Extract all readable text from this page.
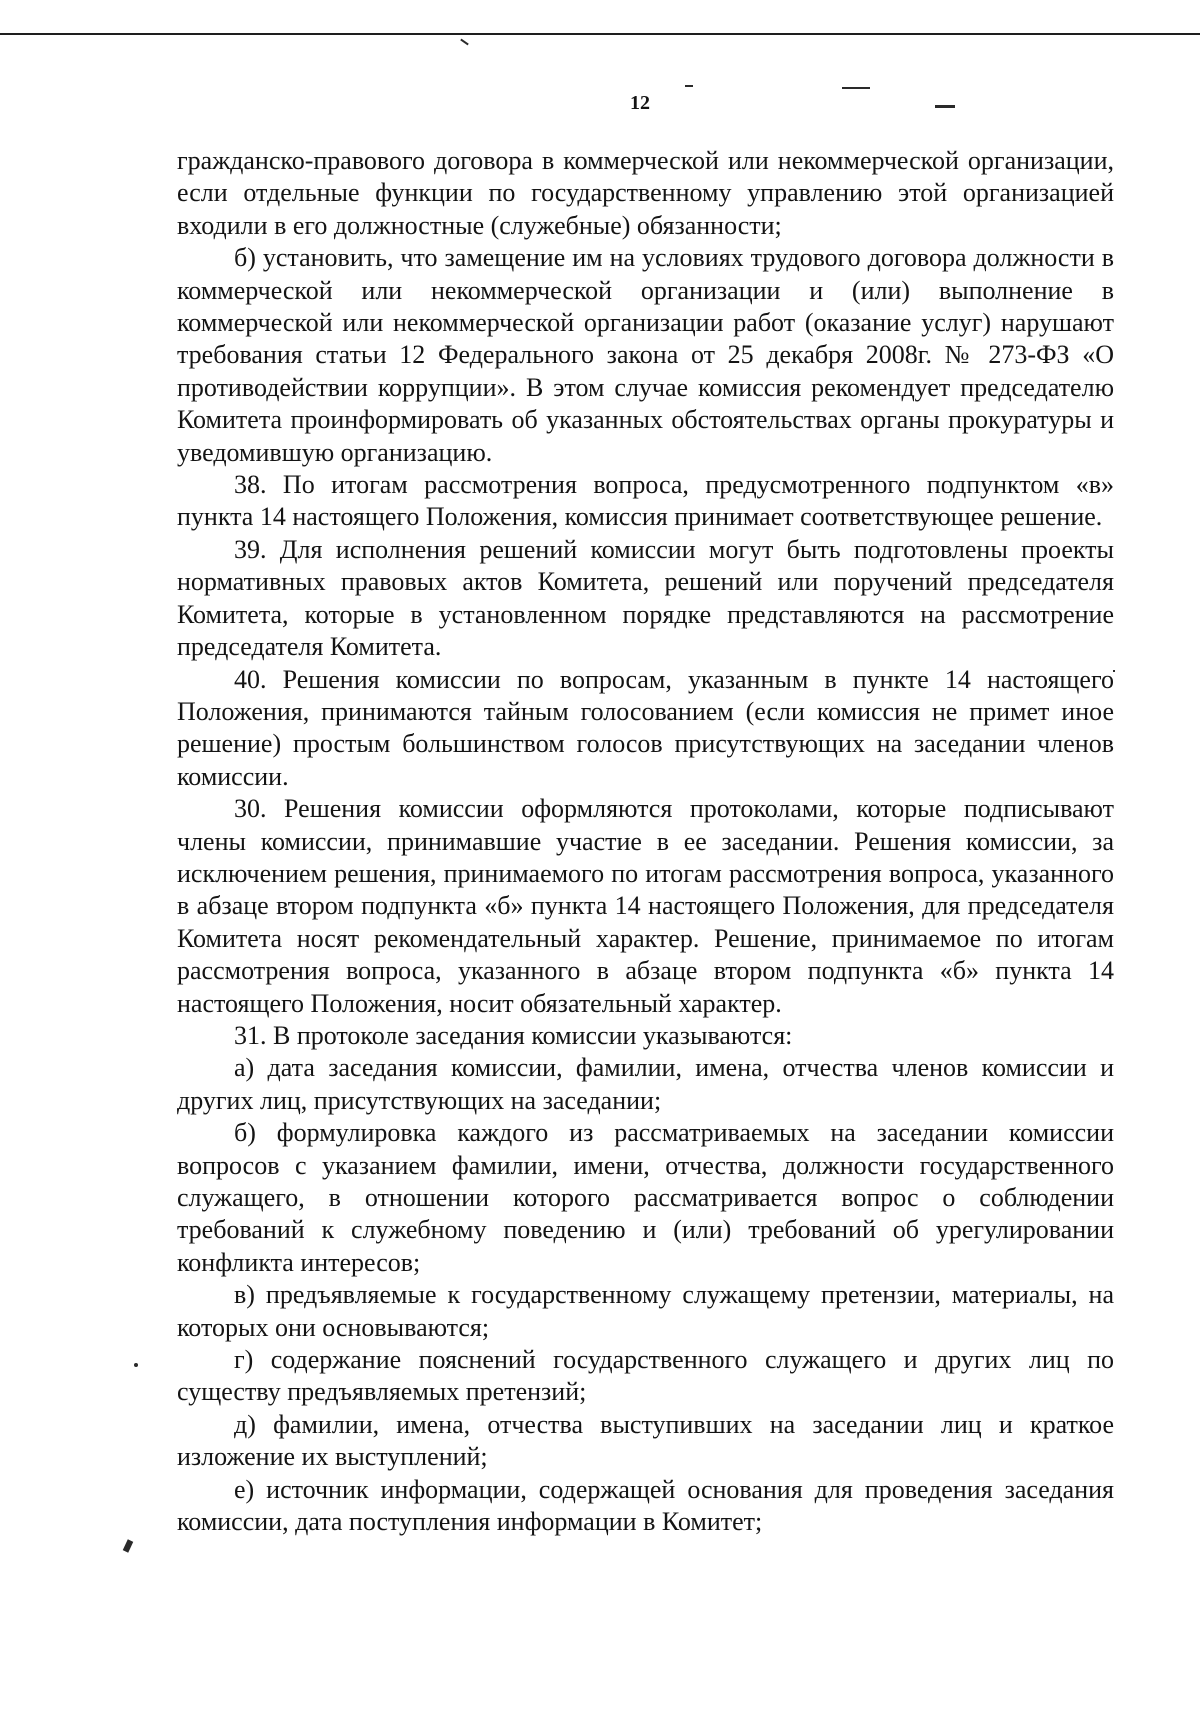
12

гражданско-правового договора в коммерческой или некоммерческой организации, если отдельные функции по государственному управлению этой организацией входили в его должностные (служебные) обязанности;

б) установить, что замещение им на условиях трудового договора должности в коммерческой или некоммерческой организации и (или) выполнение в коммерческой или некоммерческой организации работ (оказание услуг) нарушают требования статьи 12 Федерального закона от 25 декабря 2008г. № 273-ФЗ «О противодействии коррупции». В этом случае комиссия рекомендует председателю Комитета проинформировать об указанных обстоятельствах органы прокуратуры и уведомившую организацию.

38. По итогам рассмотрения вопроса, предусмотренного подпунктом «в» пункта 14 настоящего Положения, комиссия принимает соответствующее решение.

39. Для исполнения решений комиссии могут быть подготовлены проекты нормативных правовых актов Комитета, решений или поручений председателя Комитета, которые в установленном порядке представляются на рассмотрение председателя Комитета.

40. Решения комиссии по вопросам, указанным в пункте 14 настоящего Положения, принимаются тайным голосованием (если комиссия не примет иное решение) простым большинством голосов присутствующих на заседании членов комиссии.

30. Решения комиссии оформляются протоколами, которые подписывают члены комиссии, принимавшие участие в ее заседании. Решения комиссии, за исключением решения, принимаемого по итогам рассмотрения вопроса, указанного в абзаце втором подпункта «б» пункта 14 настоящего Положения, для председателя Комитета носят рекомендательный характер. Решение, принимаемое по итогам рассмотрения вопроса, указанного в абзаце втором подпункта «б» пункта 14 настоящего Положения, носит обязательный характер.

31. В протоколе заседания комиссии указываются:

а) дата заседания комиссии, фамилии, имена, отчества членов комиссии и других лиц, присутствующих на заседании;

б) формулировка каждого из рассматриваемых на заседании комиссии вопросов с указанием фамилии, имени, отчества, должности государственного служащего, в отношении которого рассматривается вопрос о соблюдении требований к служебному поведению и (или) требований об урегулировании конфликта интересов;

в) предъявляемые к государственному служащему претензии, материалы, на которых они основываются;

г) содержание пояснений государственного служащего и других лиц по существу предъявляемых претензий;

д) фамилии, имена, отчества выступивших на заседании лиц и краткое изложение их выступлений;

е) источник информации, содержащей основания для проведения заседания комиссии, дата поступления информации в Комитет;
